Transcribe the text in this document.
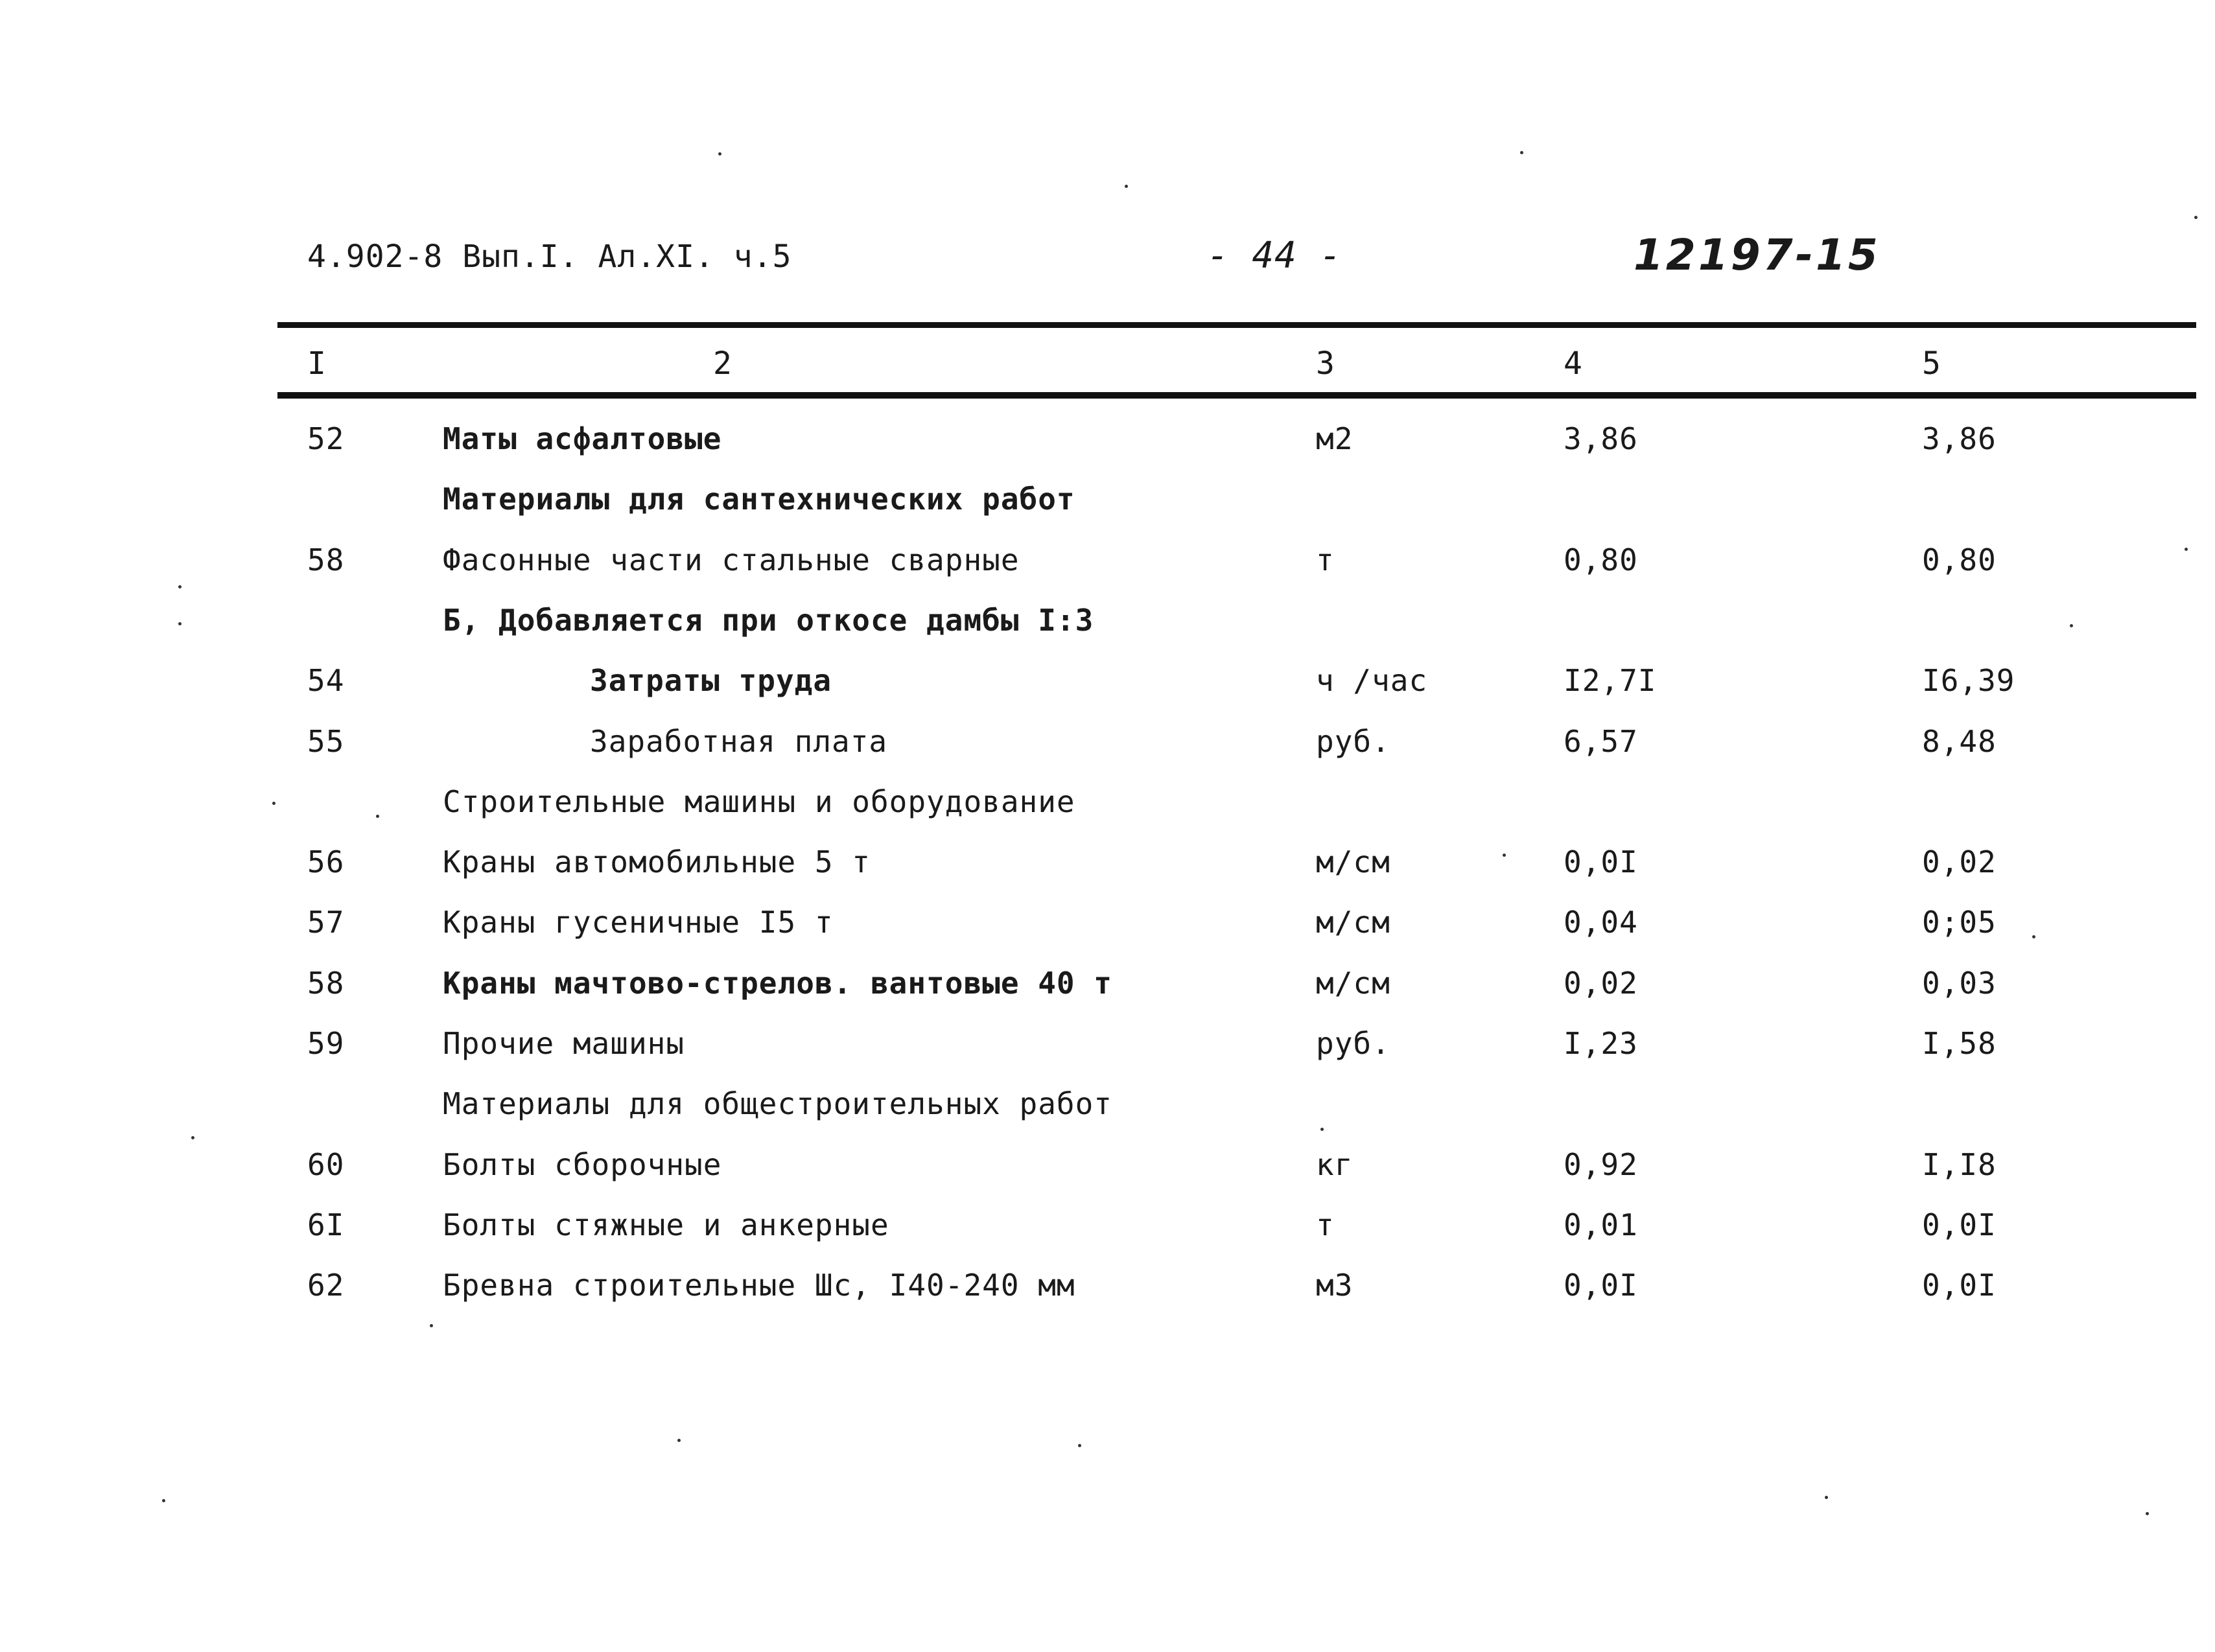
4.902-8 Вып.I. Ал.XI. ч.5	- 44 -	12197-15
I	2	3	4	5
52	Маты асфалтовые	м2	3,86	3,86
Материалы для сантехнических работ
58	Фасонные части стальные сварные	т	0,80	0,80
Б, Добавляется при откосе дамбы I:3
54	Затраты труда	ч /час	I2,7I	I6,39
55	Заработная плата	руб.	6,57	8,48
Строительные машины и оборудование
56	Краны автомобильные 5 т	м/см	0,0I	0,02
57	Краны гусеничные I5 т	м/см	0,04	0;05
58	Краны мачтово-стрелов. вантовые 40 т	м/см	0,02	0,03
59	Прочие машины	руб.	I,23	I,58
Материалы для общестроительных работ
60	Болты сборочные	кг	0,92	I,I8
6I	Болты стяжные и анкерные	т	0,01	0,0I
62	Бревна строительные Шс, I40-240 мм	м3	0,0I	0,0I
